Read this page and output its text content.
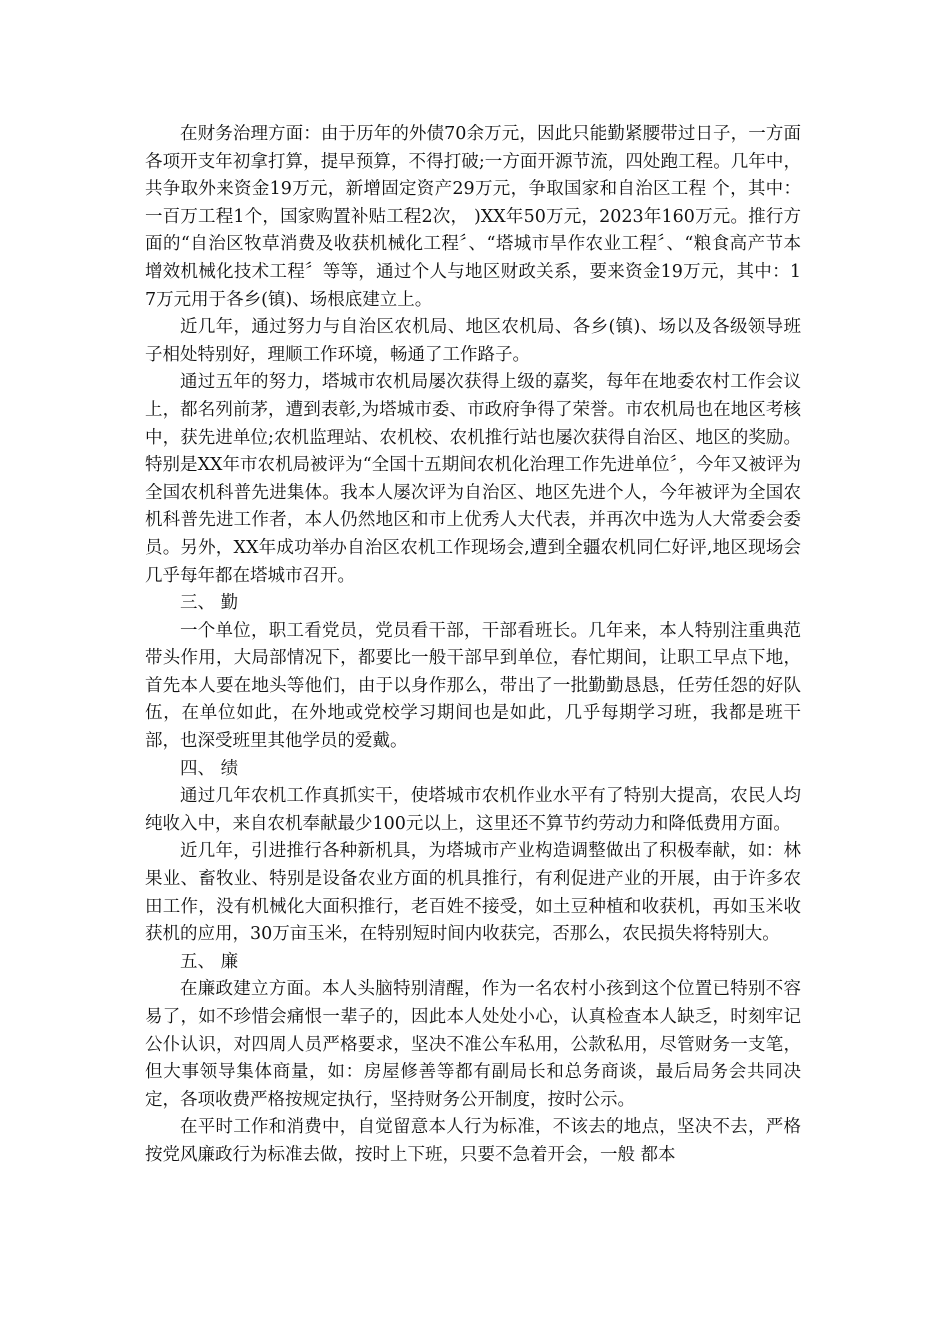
在财务治理方面：由于历年的外债70余万元，因此只能勤紧腰带过日子，一方面各项开支年初拿打算，提早预算，不得打破;一方面开源节流，四处跑工程。几年中，共争取外来资金19万元，新增固定资产29万元，争取国家和自治区工程 个，其中：一百万工程1个，国家购置补贴工程2次， )XX年50万元，2023年160万元。推行方面的“自治区牧草消费及收获机械化工程〞、“塔城市旱作农业工程〞、“粮食高产节本增效机械化技术工程〞等等，通过个人与地区财政关系，要来资金19万元，其中：17万元用于各乡(镇)、场根底建立上。

近几年，通过努力与自治区农机局、地区农机局、各乡(镇)、场以及各级领导班子相处特别好，理顺工作环境，畅通了工作路子。

通过五年的努力，塔城市农机局屡次获得上级的嘉奖，每年在地委农村工作会议上，都名列前茅，遭到表彰,为塔城市委、市政府争得了荣誉。市农机局也在地区考核中，获先进单位;农机监理站、农机校、农机推行站也屡次获得自治区、地区的奖励。特别是XX年市农机局被评为“全国十五期间农机化治理工作先进单位〞，今年又被评为全国农机科普先进集体。我本人屡次评为自治区、地区先进个人，今年被评为全国农机科普先进工作者，本人仍然地区和市上优秀人大代表，并再次中选为人大常委会委员。另外，XX年成功举办自治区农机工作现场会,遭到全疆农机同仁好评,地区现场会几乎每年都在塔城市召开。

三、 勤

一个单位，职工看党员，党员看干部，干部看班长。几年来，本人特别注重典范带头作用，大局部情况下，都要比一般干部早到单位，春忙期间，让职工早点下地，首先本人要在地头等他们，由于以身作那么，带出了一批勤勤恳恳，任劳任怨的好队伍，在单位如此，在外地或党校学习期间也是如此，几乎每期学习班，我都是班干部，也深受班里其他学员的爱戴。

四、 绩

通过几年农机工作真抓实干，使塔城市农机作业水平有了特别大提高，农民人均纯收入中，来自农机奉献最少100元以上，这里还不算节约劳动力和降低费用方面。

近几年，引进推行各种新机具，为塔城市产业构造调整做出了积极奉献，如：林果业、畜牧业、特别是设备农业方面的机具推行，有利促进产业的开展，由于许多农田工作，没有机械化大面积推行，老百姓不接受，如土豆种植和收获机，再如玉米收获机的应用，30万亩玉米，在特别短时间内收获完，否那么，农民损失将特别大。

五、 廉

在廉政建立方面。本人头脑特别清醒，作为一名农村小孩到这个位置已特别不容易了，如不珍惜会痛恨一辈子的，因此本人处处小心，认真检查本人缺乏，时刻牢记公仆认识，对四周人员严格要求，坚决不准公车私用，公款私用，尽管财务一支笔，但大事领导集体商量，如：房屋修善等都有副局长和总务商谈，最后局务会共同决定，各项收费严格按规定执行，坚持财务公开制度，按时公示。

在平时工作和消费中，自觉留意本人行为标准，不该去的地点，坚决不去，严格按党风廉政行为标准去做，按时上下班，只要不急着开会，一般 都本
